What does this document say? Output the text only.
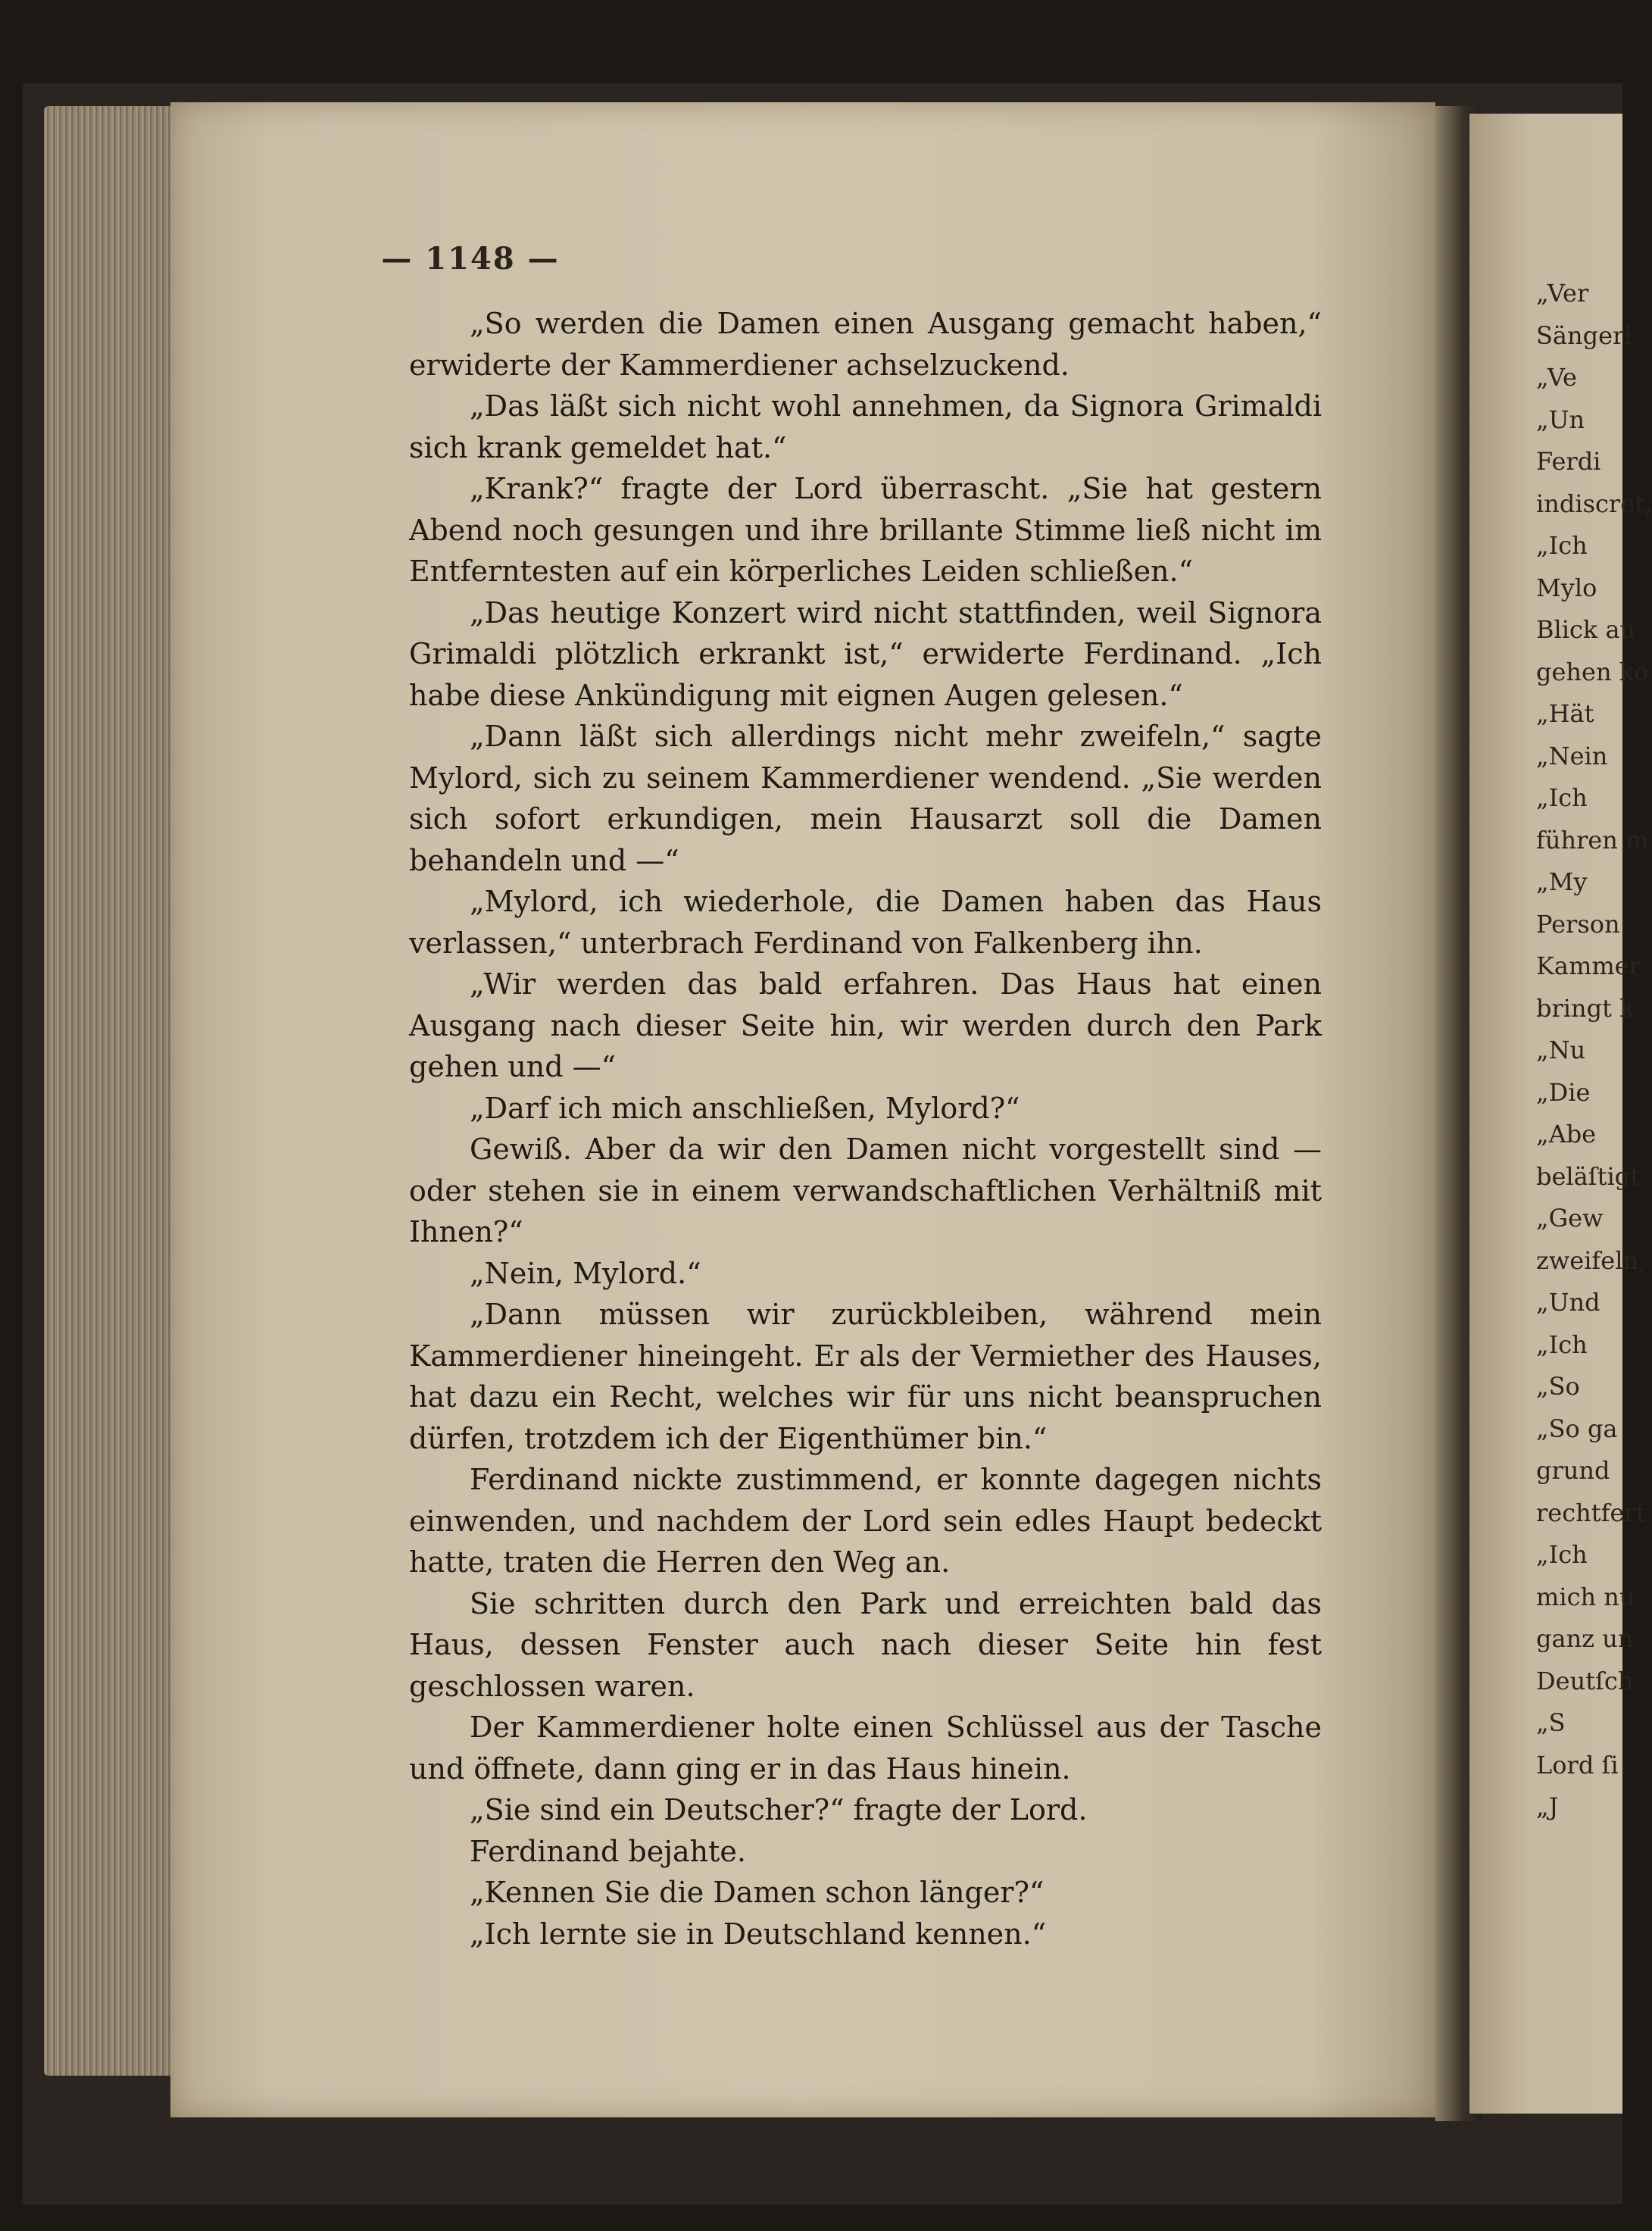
— 1148 —

„So werden die Damen einen Ausgang gemacht haben,“ erwiderte der Kammerdiener achselzuckend.

„Das läßt sich nicht wohl annehmen, da Signora Grimaldi sich krank gemeldet hat.“

„Krank?“ fragte der Lord überrascht. „Sie hat gestern Abend noch gesungen und ihre brillante Stimme ließ nicht im Entferntesten auf ein körperliches Leiden schließen.“

„Das heutige Konzert wird nicht stattfinden, weil Signora Grimaldi plötzlich erkrankt ist,“ erwiderte Ferdinand. „Ich habe diese Ankündigung mit eignen Augen gelesen.“

„Dann läßt sich allerdings nicht mehr zweifeln,“ sagte Mylord, sich zu seinem Kammerdiener wendend. „Sie werden sich sofort erkundigen, mein Hausarzt soll die Damen behandeln und —“

„Mylord, ich wiederhole, die Damen haben das Haus verlassen,“ unterbrach Ferdinand von Falkenberg ihn.

„Wir werden das bald erfahren. Das Haus hat einen Ausgang nach dieser Seite hin, wir werden durch den Park gehen und —“

„Darf ich mich anschließen, Mylord?“

Gewiß. Aber da wir den Damen nicht vorgestellt sind — oder stehen sie in einem verwandschaftlichen Verhältniß mit Ihnen?“

„Nein, Mylord.“

„Dann müssen wir zurückbleiben, während mein Kammerdiener hineingeht. Er als der Vermiether des Hauses, hat dazu ein Recht, welches wir für uns nicht beanspruchen dürfen, trotzdem ich der Eigenthümer bin.“

Ferdinand nickte zustimmend, er konnte dagegen nichts einwenden, und nachdem der Lord sein edles Haupt bedeckt hatte, traten die Herren den Weg an.

Sie schritten durch den Park und erreichten bald das Haus, dessen Fenster auch nach dieser Seite hin fest geschlossen waren.

Der Kammerdiener holte einen Schlüssel aus der Tasche und öffnete, dann ging er in das Haus hinein.

„Sie sind ein Deutscher?“ fragte der Lord.

Ferdinand bejahte.

„Kennen Sie die Damen schon länger?“

„Ich lernte sie in Deutschland kennen.“

„Ver
Sängeri
„Ve
„Un
Ferdi
indiscret,
„Ich
Mylo
Blick au
gehen ko
„Hät
„Nein
„Ich
führen m
„My
Person
Kammer
bringt k
„Nu
„Die
„Abe
beläſtigt
„Gew
zweifeln,
„Und
„Ich
„So
„So ga
grund
rechtfert
„Ich
mich nu
ganz un
Deutſch
„S
Lord ſi
„J
